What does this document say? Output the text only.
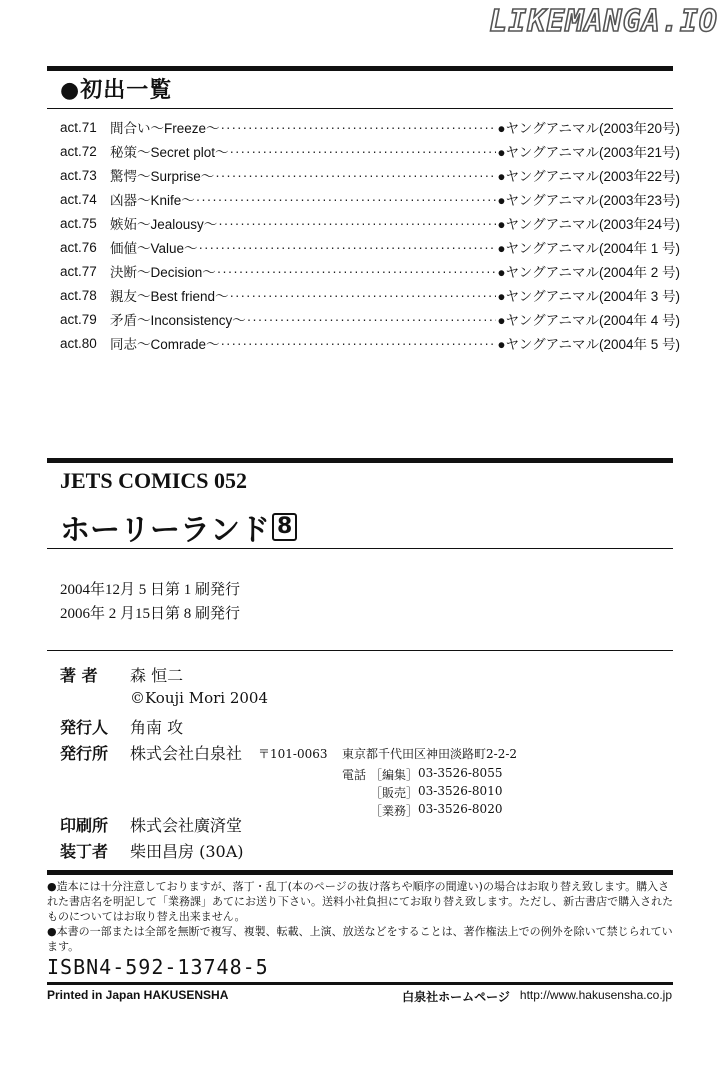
LIKEMANGA.IO
●初出一覧
act.71 間合い〜Freeze〜 ·····	●ヤングアニマル(2003年20号)
act.72 秘策〜Secret plot〜 ·····	●ヤングアニマル(2003年21号)
act.73 驚愕〜Surprise〜 ·····	●ヤングアニマル(2003年22号)
act.74 凶器〜Knife〜 ·····	●ヤングアニマル(2003年23号)
act.75 嫉妬〜Jealousy〜 ·····	●ヤングアニマル(2003年24号)
act.76 価値〜Value〜 ·····	●ヤングアニマル(2004年 1 号)
act.77 決断〜Decision〜 ·····	●ヤングアニマル(2004年 2 号)
act.78 親友〜Best friend〜 ·····	●ヤングアニマル(2004年 3 号)
act.79 矛盾〜Inconsistency〜 ·····	●ヤングアニマル(2004年 4 号)
act.80 同志〜Comrade〜 ·····	●ヤングアニマル(2004年 5 号)
JETS COMICS 052
ホーリーランド 8
2004年12月 5 日第 1 刷発行
2006年 2 月15日第 8 刷発行
著 者 森 恒二
©Kouji Mori 2004
発行人 角南 攻
発行所 株式会社白泉社 〒101-0063 東京都千代田区神田淡路町2-2-2
電話 ［編集］ 03-3526-8055
［販売］ 03-3526-8010
［業務］ 03-3526-8020
印刷所 株式会社廣済堂
装丁者 柴田昌房 (30A)
●造本には十分注意しておりますが、落丁・乱丁(本のページの抜け落ちや順序の間違い)の場合はお取り替え致します。購入された書店名を明記して「業務課」あてにお送り下さい。送料小社負担にてお取り替え致します。ただし、新古書店で購入されたものについてはお取り替え出来ません。
●本書の一部または全部を無断で複写、複製、転載、上演、放送などをすることは、著作権法上での例外を除いて禁じられています。
ISBN4-592-13748-5
Printed in Japan HAKUSENSHA	白泉社ホームページ http://www.hakusensha.co.jp
